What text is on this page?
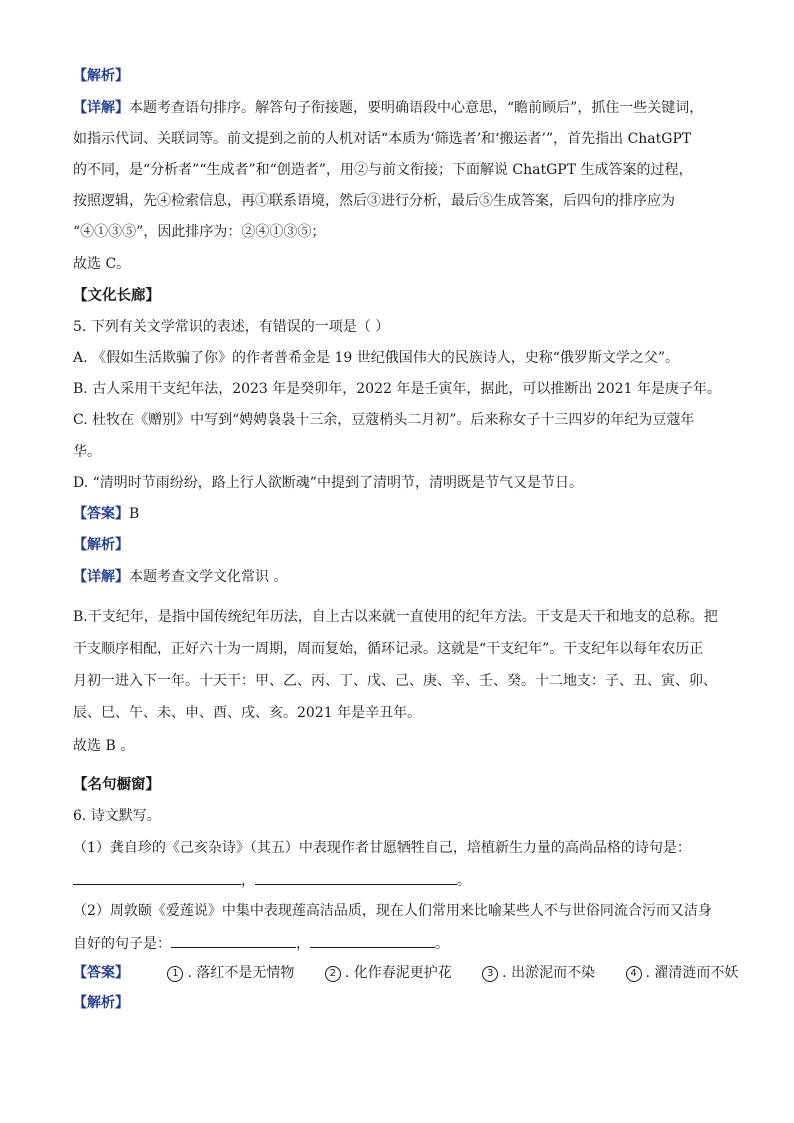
【解析】
【详解】本题考查语句排序。解答句子衔接题，要明确语段中心意思，“瞻前顾后”，抓住一些关键词，
如指示代词、关联词等。前文提到之前的人机对话“本质为‘筛选者’和‘搬运者’”，首先指出 ChatGPT
的不同，是“分析者”“生成者”和“创造者”，用②与前文衔接；下面解说 ChatGPT 生成答案的过程，
按照逻辑，先④检索信息，再①联系语境，然后③进行分析，最后⑤生成答案，后四句的排序应为
“④①③⑤”，因此排序为：②④①③⑤；
故选 C。
【文化长廊】
5. 下列有关文学常识的表述，有错误的一项是（ ）
A. 《假如生活欺骗了你》的作者普希金是 19 世纪俄国伟大的民族诗人，史称“俄罗斯文学之父”。
B. 古人采用干支纪年法，2023 年是癸卯年，2022 年是壬寅年，据此，可以推断出 2021 年是庚子年。
C. 杜牧在《赠别》中写到“娉娉袅袅十三余，豆蔻梢头二月初”。后来称女子十三四岁的年纪为豆蔻年
华。
D. “清明时节雨纷纷，路上行人欲断魂”中提到了清明节，清明既是节气又是节日。
【答案】B
【解析】
【详解】本题考查文学文化常识 。
B.干支纪年，是指中国传统纪年历法，自上古以来就一直使用的纪年方法。干支是天干和地支的总称。把
干支顺序相配，正好六十为一周期，周而复始，循环记录。这就是“干支纪年”。干支纪年以每年农历正
月初一进入下一年。十天干：甲、乙、丙、丁、戊、己、庚、辛、壬、癸。十二地支：子、丑、寅、卯、
辰、巳、午、未、申、酉、戌、亥。2021 年是辛丑年。
故选 B 。
【名句橱窗】
6. 诗文默写。
（1）龚自珍的《己亥杂诗》（其五）中表现作者甘愿牺牲自己，培植新生力量的高尚品格的诗句是：
，	。
（2）周敦颐《爱莲说》中集中表现莲高洁品质，现在人们常用来比喻某些人不与世俗同流合污而又洁身
自好的句子是：	，	。
【答案】	1 . 落红不是无情物	2 . 化作春泥更护花	3 . 出淤泥而不染	4 . 濯清涟而不妖
【解析】
